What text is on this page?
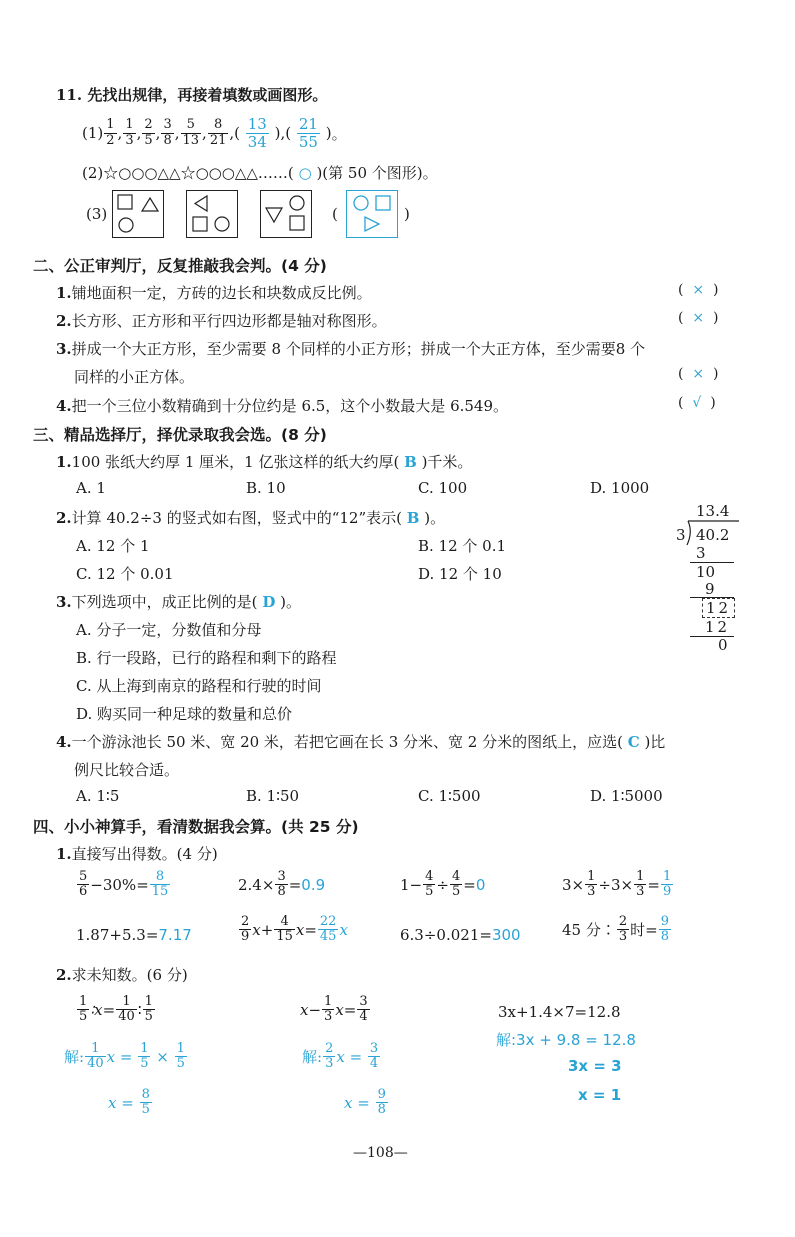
11. 先找出规律，再接着填数或画图形。
$(1) \frac{1}{2}$ , $\frac{1}{3}$ , $\frac{2}{5}$ , $\frac{3}{8}$ , $\frac{5}{13}$ , $\frac{8}{21}$ ,( $\frac{13}{34}$ ),( $\frac{21}{55}$ ) 。
(2)☆○○○△△☆○○○△△……( ○ )(第 50 个图形)。
(3)	(	)
二、公正审判厅，反复推敲我会判。(4 分)
1.铺地面积一定，方砖的边长和块数成反比例。	(  ×  )
2.长方形、正方形和平行四边形都是轴对称图形。	(  ×  )
3.拼成一个大正方形，至少需要 8 个同样的小正方形；拼成一个大正方体，至少需要8 个
同样的小正方体。	(  ×  )
4.把一个三位小数精确到十分位约是 6.5，这个小数最大是 6.549。	(  √  )
三、精品选择厅，择优录取我会选。(8 分)
1.100 张纸大约厚 1 厘米，1 亿张这样的纸大约厚( B )千米。
A. 1	B. 10	C. 100	D. 1000
2.计算 40.2÷3 的竖式如右图，竖式中的“12”表示( B )。
A. 12 个 1	B. 12 个 0.1
C. 12 个 0.01	D. 12 个 10
13.4
3 40.2
3
10
9
12
12
0
3.下列选项中，成正比例的是( D )。
A. 分子一定，分数值和分母
B. 行一段路，已行的路程和剩下的路程
C. 从上海到南京的路程和行驶的时间
D. 购买同一种足球的数量和总价
4.一个游泳池长 50 米、宽 20 米，若把它画在长 3 分米、宽 2 分米的图纸上，应选( C )比
例尺比较合适。
A. 1∶5	B. 1∶50	C. 1∶500	D. 1∶5000
四、小小神算手，看清数据我会算。(共 25 分)
1.直接写出得数。(4 分)
$\frac{5}{6} -30\%= \frac{8}{15}$	$2.4\times \frac{3}{8} = 0.9$	$1- \frac{4}{5} \div \frac{4}{5} = 0$	$3\times \frac{1}{3} \div 3\times \frac{1}{3} = \frac{1}{9}$
1.87+5.3=7.17	$\frac{2}{9} x+ \frac{4}{15} x= \frac{22}{45}$ x	6.3÷0.021=300	45 分∶ $\frac{2}{3}$ 时= $\frac{9}{8}$
2.求未知数。(6 分)
$\frac{1}{5}$ ∶x= $\frac{1}{40}$ ∶ $\frac{1}{5}$
解: $\frac{1}{40}$ x =
$\frac{1}{5}$
×
$\frac{1}{5}$
x =
$\frac{8}{5}$
$x- \frac{1}{3} x= \frac{3}{4}$
解: $\frac{2}{3}$ x =
$\frac{3}{4}$
x =
$\frac{9}{8}$
3x+1.4×7=12.8
解:3x + 9.8 = 12.8
3x = 3
x = 1
—108—
